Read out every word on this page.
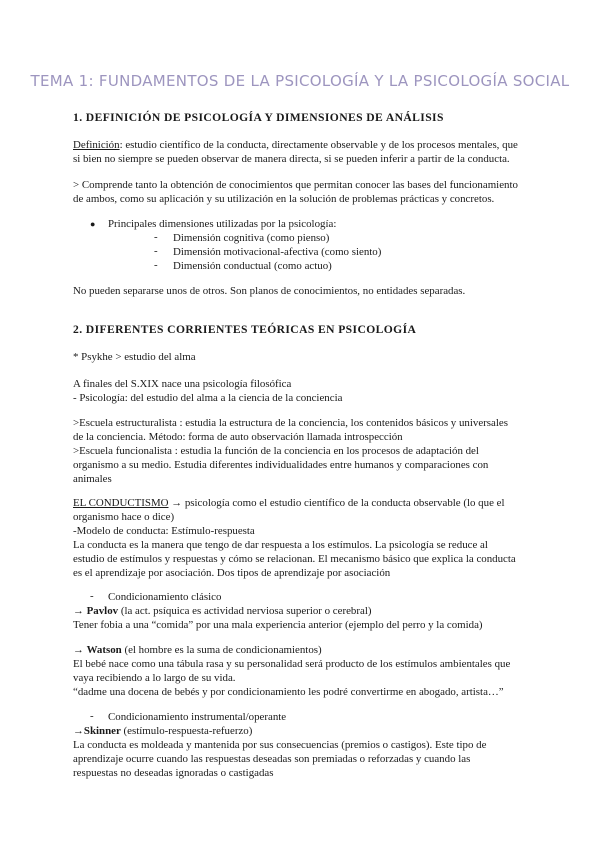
TEMA 1: FUNDAMENTOS DE LA PSICOLOGÍA Y LA PSICOLOGÍA SOCIAL
1. DEFINICIÓN DE PSICOLOGÍA Y DIMENSIONES DE ANÁLISIS
Definición: estudio científico de la conducta, directamente observable y de los procesos mentales, que
si bien no siempre se pueden observar de manera directa, si se pueden inferir a partir de la conducta.
> Comprende tanto la obtención de conocimientos que permitan conocer las bases del funcionamiento
de ambos, como su aplicación y su utilización en la solución de problemas prácticas y concretos.
● Principales dimensiones utilizadas por la psicología:
- Dimensión cognitiva (como pienso)
- Dimensión motivacional-afectiva (como siento)
- Dimensión conductual (como actuo)
No pueden separarse unos de otros. Son planos de conocimientos, no entidades separadas.
2. DIFERENTES CORRIENTES TEÓRICAS EN PSICOLOGÍA
* Psykhe > estudio del alma
A finales del S.XIX nace una psicología filosófica
- Psicología: del estudio del alma a la ciencia de la conciencia
>Escuela estructuralista : estudia la estructura de la conciencia, los contenidos básicos y universales
de la conciencia. Método: forma de auto observación llamada introspección
>Escuela funcionalista : estudia la función de la conciencia en los procesos de adaptación del
organismo a su medio. Estudia diferentes individualidades entre humanos y comparaciones con
animales
EL CONDUCTISMO → psicología como el estudio científico de la conducta observable (lo que el
organismo hace o dice)
-Modelo de conducta: Estímulo-respuesta
La conducta es la manera que tengo de dar respuesta a los estímulos. La psicología se reduce al
estudio de estímulos y respuestas y cómo se relacionan. El mecanismo básico que explica la conducta
es el aprendizaje por asociación. Dos tipos de aprendizaje por asociación
- Condicionamiento clásico
→ Pavlov (la act. psíquica es actividad nerviosa superior o cerebral)
Tener fobia a una “comida” por una mala experiencia anterior (ejemplo del perro y la comida)
→ Watson (el hombre es la suma de condicionamientos)
El bebé nace como una tábula rasa y su personalidad será producto de los estímulos ambientales que
vaya recibiendo a lo largo de su vida.
“dadme una docena de bebés y por condicionamiento les podré convertirme en abogado, artista…”
- Condicionamiento instrumental/operante
→Skinner (estímulo-respuesta-refuerzo)
La conducta es moldeada y mantenida por sus consecuencias (premios o castigos). Este tipo de
aprendizaje ocurre cuando las respuestas deseadas son premiadas o reforzadas y cuando las
respuestas no deseadas ignoradas o castigadas
